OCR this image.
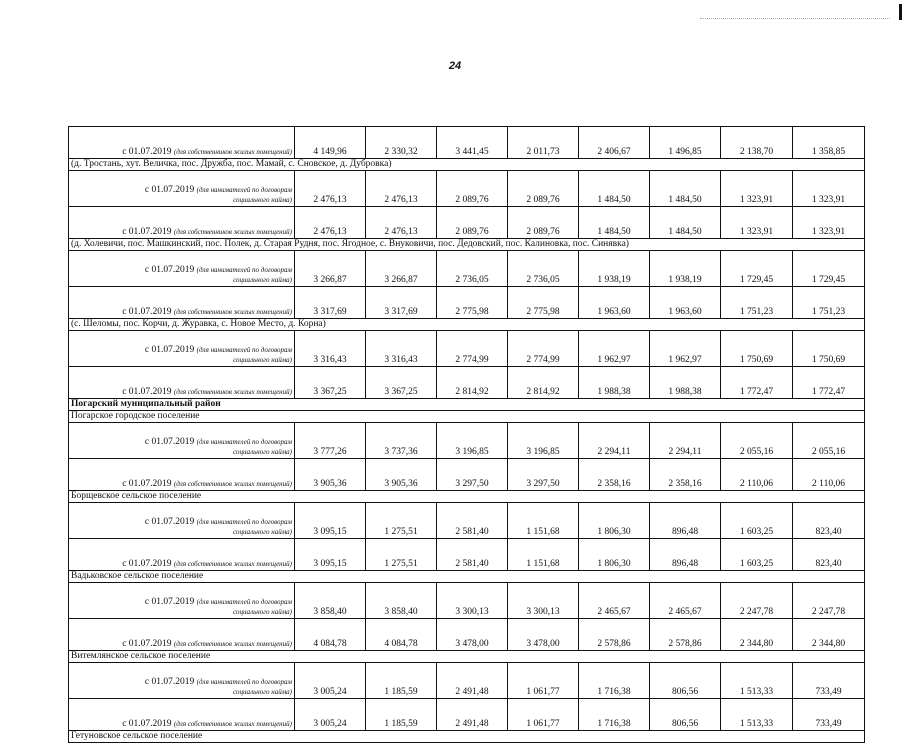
24
с 01.07.2019 (для собственников жилых помещений)	4 149,96	2 330,32	3 441,45	2 011,73	2 406,67	1 496,85	2 138,70	1 358,85
(д. Тростань, хут. Величка, пос. Дружба, пос. Мамай, с. Сновское, д. Дубровка)								

с 01.07.2019 (для нанимателей по договорам
социального найма)	2 476,13	2 476,13	2 089,76	2 089,76	1 484,50	1 484,50	1 323,91	1 323,91
с 01.07.2019 (для собственников жилых помещений)	2 476,13	2 476,13	2 089,76	2 089,76	1 484,50	1 484,50	1 323,91	1 323,91
(д. Холевичи, пос. Машкинский, пос. Полек, д. Старая Рудня, пос. Ягодное, с. Внуковичи, пос. Дедовский, пос. Калиновка, пос. Синявка)								

с 01.07.2019 (для нанимателей по договорам
социального найма)	3 266,87	3 266,87	2 736,05	2 736,05	1 938,19	1 938,19	1 729,45	1 729,45
с 01.07.2019 (для собственников жилых помещений)	3 317,69	3 317,69	2 775,98	2 775,98	1 963,60	1 963,60	1 751,23	1 751,23
(с. Шеломы, пос. Корчи, д. Журавка, с. Новое Место, д. Корна)								

с 01.07.2019 (для нанимателей по договорам
социального найма)	3 316,43	3 316,43	2 774,99	2 774,99	1 962,97	1 962,97	1 750,69	1 750,69
с 01.07.2019 (для собственников жилых помещений)	3 367,25	3 367,25	2 814,92	2 814,92	1 988,38	1 988,38	1 772,47	1 772,47
Погарский муниципальный район								
Погарское городское поселение								

с 01.07.2019 (для нанимателей по договорам
социального найма)	3 777,26	3 737,36	3 196,85	3 196,85	2 294,11	2 294,11	2 055,16	2 055,16
с 01.07.2019 (для собственников жилых помещений)	3 905,36	3 905,36	3 297,50	3 297,50	2 358,16	2 358,16	2 110,06	2 110,06
Борщевское сельское поселение								

с 01.07.2019 (для нанимателей по договорам
социального найма)	3 095,15	1 275,51	2 581,40	1 151,68	1 806,30	896,48	1 603,25	823,40
с 01.07.2019 (для собственников жилых помещений)	3 095,15	1 275,51	2 581,40	1 151,68	1 806,30	896,48	1 603,25	823,40
Вадьковское сельское поселение								

с 01.07.2019 (для нанимателей по договорам
социального найма)	3 858,40	3 858,40	3 300,13	3 300,13	2 465,67	2 465,67	2 247,78	2 247,78
с 01.07.2019 (для собственников жилых помещений)	4 084,78	4 084,78	3 478,00	3 478,00	2 578,86	2 578,86	2 344,80	2 344,80
Витемлянское сельское поселение								

с 01.07.2019 (для нанимателей по договорам
социального найма)	3 005,24	1 185,59	2 491,48	1 061,77	1 716,38	806,56	1 513,33	733,49
с 01.07.2019 (для собственников жилых помещений)	3 005,24	1 185,59	2 491,48	1 061,77	1 716,38	806,56	1 513,33	733,49
Гетуновское сельское поселение								
